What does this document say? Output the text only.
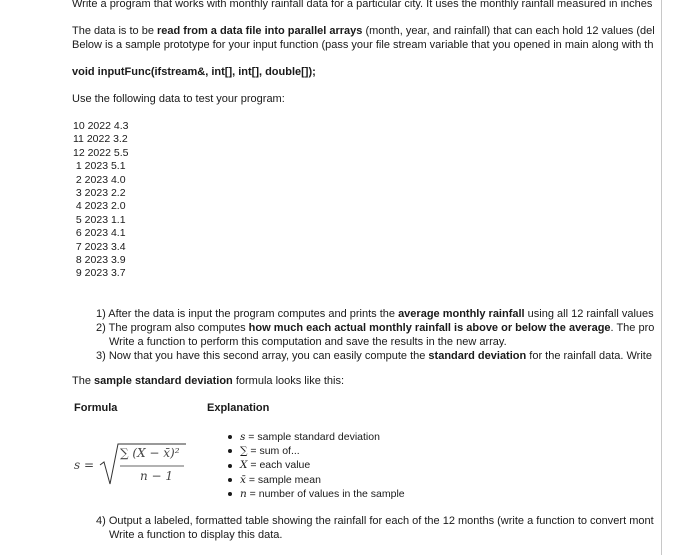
Write a program that works with monthly rainfall data for a particular city. It uses the monthly rainfall measured in inches
The data is to be read from a data file into parallel arrays (month, year, and rainfall) that can each hold 12 values (del
Below is a sample prototype for your input function (pass your file stream variable that you opened in main along with th
void inputFunc(ifstream&, int[], int[], double[]);
Use the following data to test your program:
10 2022 4.3
11 2022 3.2
12 2022 5.5
1 2023 5.1
2 2023 4.0
3 2023 2.2
4 2023 2.0
5 2023 1.1
6 2023 4.1
7 2023 3.4
8 2023 3.9
9 2023 3.7
1) After the data is input the program computes and prints the average monthly rainfall using all 12 rainfall values
2) The program also computes how much each actual monthly rainfall is above or below the average. The pro
Write a function to perform this computation and save the results in the new array.
3) Now that you have this second array, you can easily compute the standard deviation for the rainfall data. Write
The sample standard deviation formula looks like this:
Formula	Explanation
s =
∑ (X − x̄)²
n − 1
s = sample standard deviation
∑ = sum of...
X = each value
x̄ = sample mean
n = number of values in the sample
4) Output a labeled, formatted table showing the rainfall for each of the 12 months (write a function to convert mont
Write a function to display this data.
